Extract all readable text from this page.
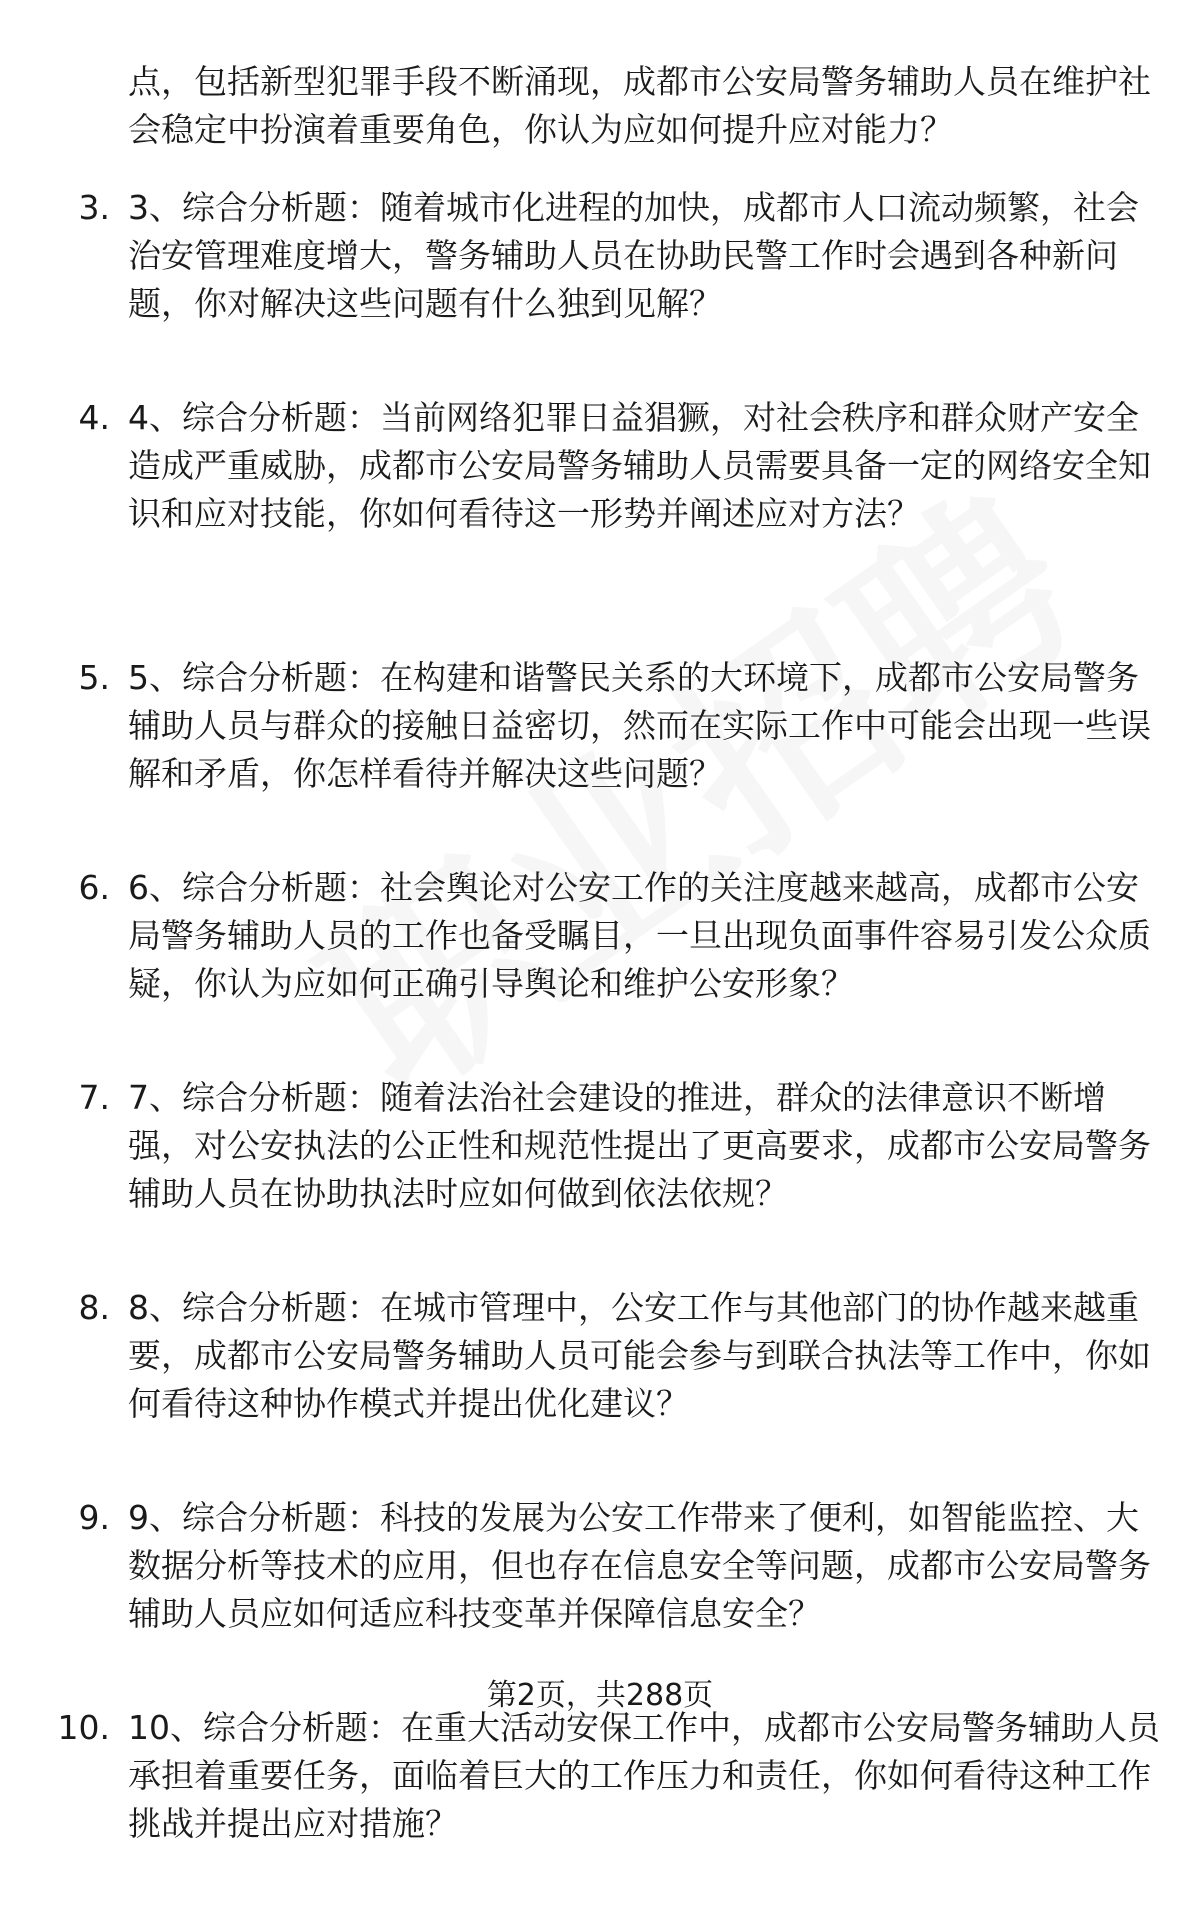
点，包括新型犯罪手段不断涌现，成都市公安局警务辅助人员在维护社会稳定中扮演着重要角色，你认为应如何提升应对能力？
3. 3、综合分析题：随着城市化进程的加快，成都市人口流动频繁，社会治安管理难度增大，警务辅助人员在协助民警工作时会遇到各种新问题，你对解决这些问题有什么独到见解？
4. 4、综合分析题：当前网络犯罪日益猖獗，对社会秩序和群众财产安全造成严重威胁，成都市公安局警务辅助人员需要具备一定的网络安全知识和应对技能，你如何看待这一形势并阐述应对方法？
5. 5、综合分析题：在构建和谐警民关系的大环境下，成都市公安局警务辅助人员与群众的接触日益密切，然而在实际工作中可能会出现一些误解和矛盾，你怎样看待并解决这些问题？
6. 6、综合分析题：社会舆论对公安工作的关注度越来越高，成都市公安局警务辅助人员的工作也备受瞩目，一旦出现负面事件容易引发公众质疑，你认为应如何正确引导舆论和维护公安形象？
7. 7、综合分析题：随着法治社会建设的推进，群众的法律意识不断增强，对公安执法的公正性和规范性提出了更高要求，成都市公安局警务辅助人员在协助执法时应如何做到依法依规？
8. 8、综合分析题：在城市管理中，公安工作与其他部门的协作越来越重要，成都市公安局警务辅助人员可能会参与到联合执法等工作中，你如何看待这种协作模式并提出优化建议？
9. 9、综合分析题：科技的发展为公安工作带来了便利，如智能监控、大数据分析等技术的应用，但也存在信息安全等问题，成都市公安局警务辅助人员应如何适应科技变革并保障信息安全？
10. 10、综合分析题：在重大活动安保工作中，成都市公安局警务辅助人员承担着重要任务，面临着巨大的工作压力和责任，你如何看待这种工作挑战并提出应对措施？
第2页，共288页
